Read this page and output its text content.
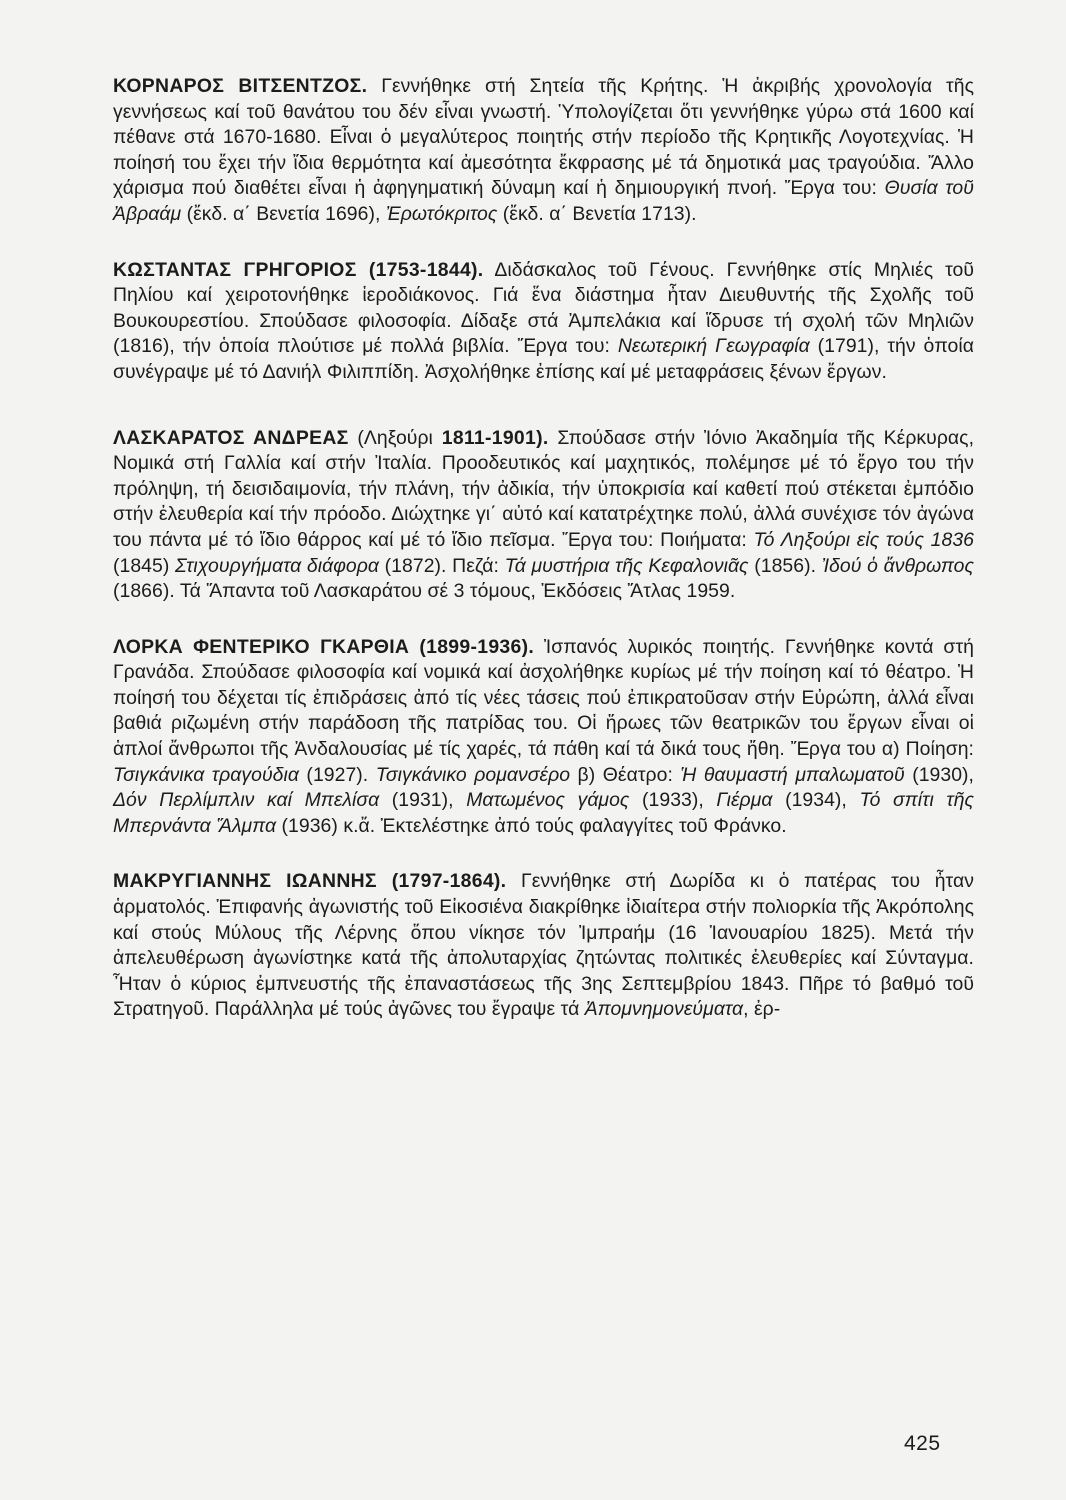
ΚΟΡΝΑΡΟΣ ΒΙΤΣΕΝΤΖΟΣ. Γεννήθηκε στή Σητεία τῆς Κρήτης. Ἡ ἀκριβής χρονολογία τῆς γεννήσεως καί τοῦ θανάτου του δέν εἶναι γνωστή. Ὑπολογίζεται ὅτι γεννήθηκε γύρω στά 1600 καί πέθανε στά 1670-1680. Εἶναι ὁ μεγαλύτερος ποιητής στήν περίοδο τῆς Κρητικῆς Λογοτεχνίας. Ἡ ποίησή του ἔχει τήν ἴδια θερμότητα καί ἀμεσότητα ἔκφρασης μέ τά δημοτικά μας τραγούδια. Ἄλλο χάρισμα πού διαθέτει εἶναι ἡ ἀφηγηματική δύναμη καί ἡ δημιουργική πνοή. Ἔργα του: Θυσία τοῦ Ἀβραάμ (ἔκδ. α΄ Βενετία 1696), Ἐρωτόκριτος (ἔκδ. α΄ Βενετία 1713).

ΚΩΣΤΑΝΤΑΣ ΓΡΗΓΟΡΙΟΣ (1753-1844). Διδάσκαλος τοῦ Γένους. Γεννήθηκε στίς Μηλιές τοῦ Πηλίου καί χειροτονήθηκε ἱεροδιάκονος. Γιά ἕνα διάστημα ἦταν Διευθυντής τῆς Σχολῆς τοῦ Βουκουρεστίου. Σπούδασε φιλοσοφία. Δίδαξε στά Ἀμπελάκια καί ἵδρυσε τή σχολή τῶν Μηλιῶν (1816), τήν ὁποία πλούτισε μέ πολλά βιβλία. Ἔργα του: Νεωτερική Γεωγραφία (1791), τήν ὁποία συνέγραψε μέ τό Δανιήλ Φιλιππίδη. Ἀσχολήθηκε ἐπίσης καί μέ μεταφράσεις ξένων ἔργων.

ΛΑΣΚΑΡΑΤΟΣ ΑΝΔΡΕΑΣ (Ληξούρι 1811-1901). Σπούδασε στήν Ἰόνιο Ἀκαδημία τῆς Κέρκυρας, Νομικά στή Γαλλία καί στήν Ἰταλία. Προοδευτικός καί μαχητικός, πολέμησε μέ τό ἔργο του τήν πρόληψη, τή δεισιδαιμονία, τήν πλάνη, τήν ἀδικία, τήν ὑποκρισία καί καθετί πού στέκεται ἐμπόδιο στήν ἐλευθερία καί τήν πρόοδο. Διώχτηκε γι΄ αὐτό καί κατατρέχτηκε πολύ, ἀλλά συνέχισε τόν ἀγώνα του πάντα μέ τό ἴδιο θάρρος καί μέ τό ἴδιο πεῖσμα. Ἔργα του: Ποιήματα: Τό Ληξούρι εἰς τούς 1836 (1845) Στιχουργήματα διάφορα (1872). Πεζά: Τά μυστήρια τῆς Κεφαλονιᾶς (1856). Ἰδού ὁ ἄνθρωπος (1866). Τά Ἅπαντα τοῦ Λασκαράτου σέ 3 τόμους, Ἐκδόσεις Ἄτλας 1959.

ΛΟΡΚΑ ΦΕΝΤΕΡΙΚΟ ΓΚΑΡΘΙΑ (1899-1936). Ἰσπανός λυρικός ποιητής. Γεννήθηκε κοντά στή Γρανάδα. Σπούδασε φιλοσοφία καί νομικά καί ἀσχολήθηκε κυρίως μέ τήν ποίηση καί τό θέατρο. Ἡ ποίησή του δέχεται τίς ἐπιδράσεις ἀπό τίς νέες τάσεις πού ἐπικρατοῦσαν στήν Εὐρώπη, ἀλλά εἶναι βαθιά ριζωμένη στήν παράδοση τῆς πατρίδας του. Οἱ ἥρωες τῶν θεατρικῶν του ἔργων εἶναι οἱ ἁπλοί ἄνθρωποι τῆς Ἀνδαλουσίας μέ τίς χαρές, τά πάθη καί τά δικά τους ἤθη. Ἔργα του α) Ποίηση: Τσιγκάνικα τραγούδια (1927). Τσιγκάνικο ρομανσέρο β) Θέατρο: Ἡ θαυμαστή μπαλωματοῦ (1930), Δόν Περλίμπλιν καί Μπελίσα (1931), Ματωμένος γάμος (1933), Γιέρμα (1934), Τό σπίτι τῆς Μπερνάντα Ἅλμπα (1936) κ.ἄ. Ἐκτελέστηκε ἀπό τούς φαλαγγίτες τοῦ Φράνκο.

ΜΑΚΡΥΓΙΑΝΝΗΣ ΙΩΑΝΝΗΣ (1797-1864). Γεννήθηκε στή Δωρίδα κι ὁ πατέρας του ἦταν ἁρματολός. Ἐπιφανής ἀγωνιστής τοῦ Εἰκοσιένα διακρίθηκε ἰδιαίτερα στήν πολιορκία τῆς Ἀκρόπολης καί στούς Μύλους τῆς Λέρνης ὅπου νίκησε τόν Ἰμπραήμ (16 Ἰανουαρίου 1825). Μετά τήν ἀπελευθέρωση ἀγωνίστηκε κατά τῆς ἀπολυταρχίας ζητώντας πολιτικές ἐλευθερίες καί Σύνταγμα. Ἦταν ὁ κύριος ἐμπνευστής τῆς ἐπαναστάσεως τῆς 3ης Σεπτεμβρίου 1843. Πῆρε τό βαθμό τοῦ Στρατηγοῦ. Παράλληλα μέ τούς ἀγῶνες του ἔγραψε τά Ἀπομνημονεύματα, ἐρ-

425
